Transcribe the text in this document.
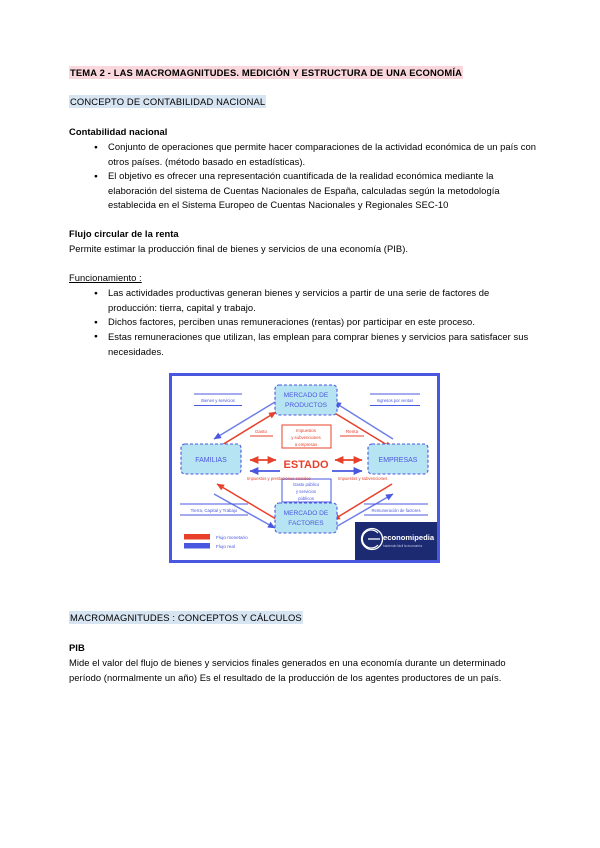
TEMA 2 - LAS MACROMAGNITUDES. MEDICIÓN Y ESTRUCTURA DE UNA ECONOMÍA
CONCEPTO DE CONTABILIDAD NACIONAL
Contabilidad nacional
● Conjunto de operaciones que permite hacer comparaciones de la actividad económica de un país con otros países. (método basado en estadísticas).
● El objetivo es ofrecer una representación cuantificada de la realidad económica mediante la elaboración del sistema de Cuentas Nacionales de España, calculadas según la metodología establecida en el Sistema Europeo de Cuentas Nacionales y Regionales SEC-10
Flujo circular de la renta

Permite estimar la producción final de bienes y servicios de una economía (PIB).

Funcionamiento :

● Las actividades productivas generan bienes y servicios a partir de una serie de factores de producción: tierra, capital y trabajo.
● Dichos factores, perciben unas remuneraciones (rentas) por participar en este proceso.
● Estas remuneraciones que utilizan, las emplean para comprar bienes y servicios para satisfacer sus necesidades.
MERCADO DE
PRODUCTOS
FAMILIAS	EMPRESAS
MERCADO DE
FACTORES
ESTADO
Impuestos
y subvenciones
a empresas
Gasto público
y servicios
públicos
Bienes y servicios	Ingresos por ventas
Gasto	Renta
Impuestos y prestaciones sociales	Impuestos y subvenciones
Tierra, Capital y Trabajo	Remuneración de factores
Flujo monetario
Flujo real
economipedia
haciendo fácil la economía
MACROMAGNITUDES : CONCEPTOS Y CÁLCULOS
PIB

Mide el valor del flujo de bienes y servicios finales generados en una economía durante un determinado período (normalmente un año) Es el resultado de la producción de los agentes productores de un país.
